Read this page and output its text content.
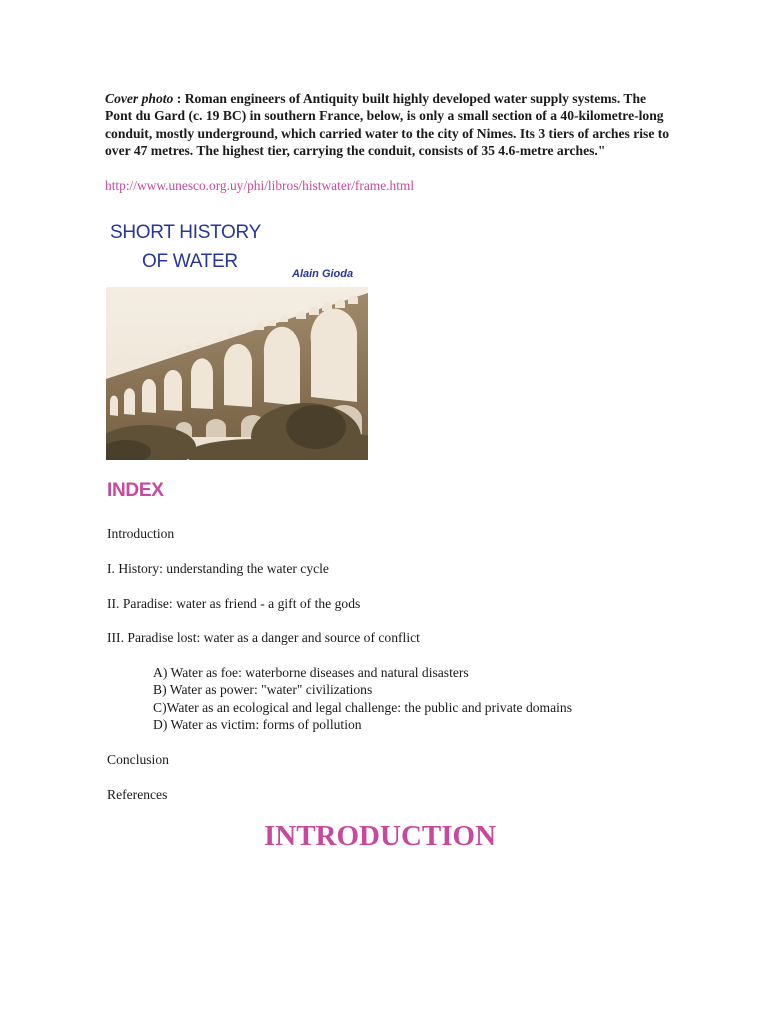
Cover photo : Roman engineers of Antiquity built highly developed water supply systems. The Pont du Gard (c. 19 BC) in southern France, below, is only a small section of a 40-kilometre-long conduit, mostly underground, which carried water to the city of Nimes. Its 3 tiers of arches rise to over 47 metres. The highest tier, carrying the conduit, consists of 35 4.6-metre arches."
http://www.unesco.org.uy/phi/libros/histwater/frame.html
SHORT HISTORY
OF WATER
Alain Gioda
INDEX
Introduction
I. History: understanding the water cycle
II. Paradise: water as friend - a gift of the gods
III. Paradise lost: water as a danger and source of conflict
A) Water as foe: waterborne diseases and natural disasters
B) Water as power: "water" civilizations
C)Water as an ecological and legal challenge: the public and private domains
D) Water as victim: forms of pollution
Conclusion
References
INTRODUCTION
